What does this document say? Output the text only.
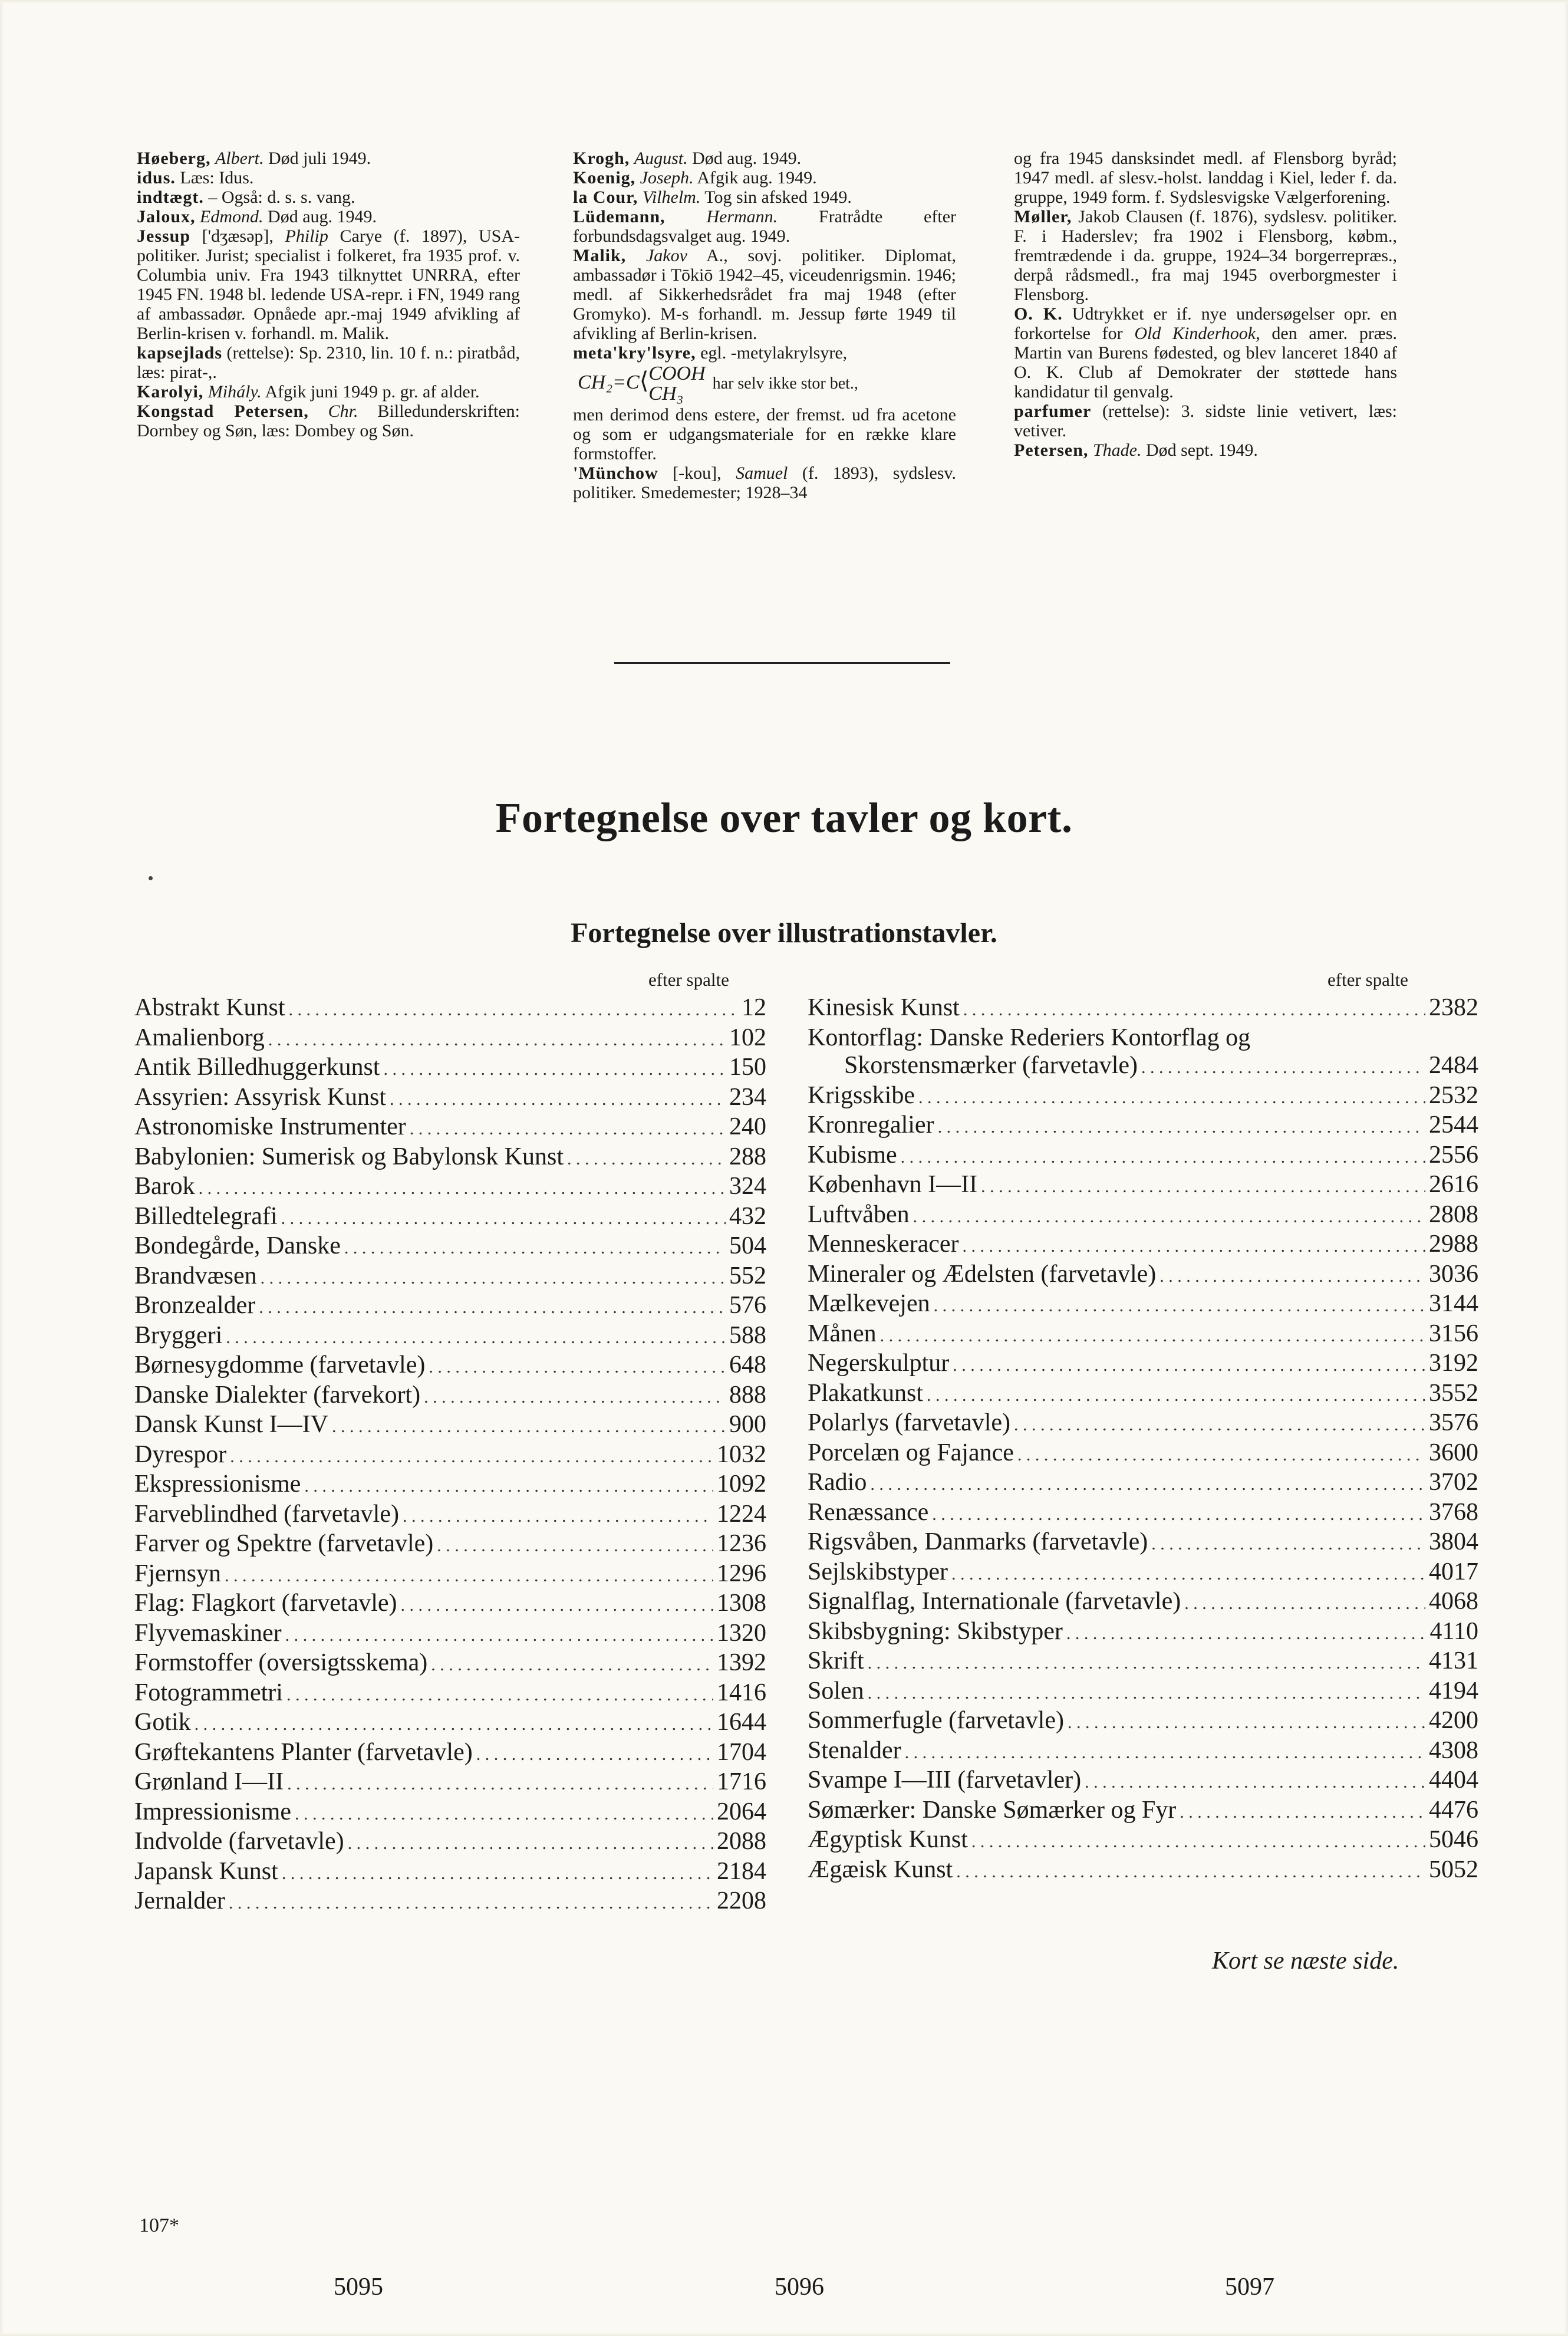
Høeberg, Albert. Død juli 1949.

idus. Læs: Idus.

indtægt. – Også: d. s. s. vang.

Jaloux, Edmond. Død aug. 1949.

Jessup ['dʒæsəp], Philip Carye (f. 1897), USA-politiker. Jurist; specialist i folkeret, fra 1935 prof. v. Columbia univ. Fra 1943 tilknyttet UNRRA, efter 1945 FN. 1948 bl. ledende USA-repr. i FN, 1949 rang af ambassadør. Opnåede apr.-maj 1949 afvikling af Berlin-krisen v. forhandl. m. Malik.

kapsejlads (rettelse): Sp. 2310, lin. 10 f. n.: piratbåd, læs: pirat-,.

Karolyi, Mihály. Afgik juni 1949 p. gr. af alder.

Kongstad Petersen, Chr. Billedunderskriften: Dornbey og Søn, læs: Dombey og Søn.

Krogh, August. Død aug. 1949.

Koenig, Joseph. Afgik aug. 1949.

la Cour, Vilhelm. Tog sin afsked 1949.

Lüdemann, Hermann. Fratrådte efter forbundsdagsvalget aug. 1949.

Malik, Jakov A., sovj. politiker. Diplomat, ambassadør i Tōkiō 1942–45, viceudenrigsmin. 1946; medl. af Sikkerhedsrådet fra maj 1948 (efter Gromyko). M-s forhandl. m. Jessup førte 1949 til afvikling af Berlin-krisen.

meta'kry'lsyre, egl. -metylakrylsyre,

CH₂=C⟨COOH
CH₃ har selv ikke stor bet.,

men derimod dens estere, der fremst. ud fra acetone og som er udgangsmateriale for en række klare formstoffer.

'Münchow [-kou], Samuel (f. 1893), sydslesv. politiker. Smedemester; 1928–34

og fra 1945 dansksindet medl. af Flensborg byråd; 1947 medl. af slesv.-holst. landdag i Kiel, leder f. da. gruppe, 1949 form. f. Sydslesvigske Vælgerforening.

Møller, Jakob Clausen (f. 1876), sydslesv. politiker. F. i Haderslev; fra 1902 i Flensborg, købm., fremtrædende i da. gruppe, 1924–34 borgerrepræs., derpå rådsmedl., fra maj 1945 overborgmester i Flensborg.

O. K. Udtrykket er if. nye undersøgelser opr. en forkortelse for Old Kinderhook, den amer. præs. Martin van Burens fødested, og blev lanceret 1840 af O. K. Club af Demokrater der støttede hans kandidatur til genvalg.

parfumer (rettelse): 3. sidste linie vetivert, læs: vetiver.

Petersen, Thade. Død sept. 1949.

Fortegnelse over tavler og kort.
Fortegnelse over illustrationstavler.
efter spalte	efter spalte
Abstrakt Kunst . . .	12
Amalienborg . . .	102
Antik Billedhuggerkunst . . .	150
Assyrien: Assyrisk Kunst . . .	234
Astronomiske Instrumenter . . .	240
Babylonien: Sumerisk og Babylonsk Kunst . . .	288
Barok . . .	324
Billedtelegrafi . . .	432
Bondegårde, Danske . . .	504
Brandvæsen . . .	552
Bronzealder . . .	576
Bryggeri . . .	588
Børnesygdomme (farvetavle) . . .	648
Danske Dialekter (farvekort) . . .	888
Dansk Kunst I—IV . . .	900
Dyrespor . . .	1032
Ekspressionisme . . .	1092
Farveblindhed (farvetavle) . . .	1224
Farver og Spektre (farvetavle) . . .	1236
Fjernsyn . . .	1296
Flag: Flagkort (farvetavle) . . .	1308
Flyvemaskiner . . .	1320
Formstoffer (oversigtsskema) . . .	1392
Fotogrammetri . . .	1416
Gotik . . .	1644
Grøftekantens Planter (farvetavle) . . .	1704
Grønland I—II . . .	1716
Impressionisme . . .	2064
Indvolde (farvetavle) . . .	2088
Japansk Kunst . . .	2184
Jernalder . . .	2208
Kinesisk Kunst . . .	2382
Kontorflag: Danske Rederiers Kontorflag og
Skorstensmærker (farvetavle) . . .	2484
Krigsskibe . . .	2532
Kronregalier . . .	2544
Kubisme . . .	2556
København I—II . . .	2616
Luftvåben . . .	2808
Menneskeracer . . .	2988
Mineraler og Ædelsten (farvetavle) . . .	3036
Mælkevejen . . .	3144
Månen . . .	3156
Negerskulptur . . .	3192
Plakatkunst . . .	3552
Polarlys (farvetavle) . . .	3576
Porcelæn og Fajance . . .	3600
Radio . . .	3702
Renæssance . . .	3768
Rigsvåben, Danmarks (farvetavle) . . .	3804
Sejlskibstyper . . .	4017
Signalflag, Internationale (farvetavle) . . .	4068
Skibsbygning: Skibstyper . . .	4110
Skrift . . .	4131
Solen . . .	4194
Sommerfugle (farvetavle) . . .	4200
Stenalder . . .	4308
Svampe I—III (farvetavler) . . .	4404
Sømærker: Danske Sømærker og Fyr . . .	4476
Ægyptisk Kunst . . .	5046
Ægæisk Kunst . . .	5052
Kort se næste side.
107*
5095	5096	5097
